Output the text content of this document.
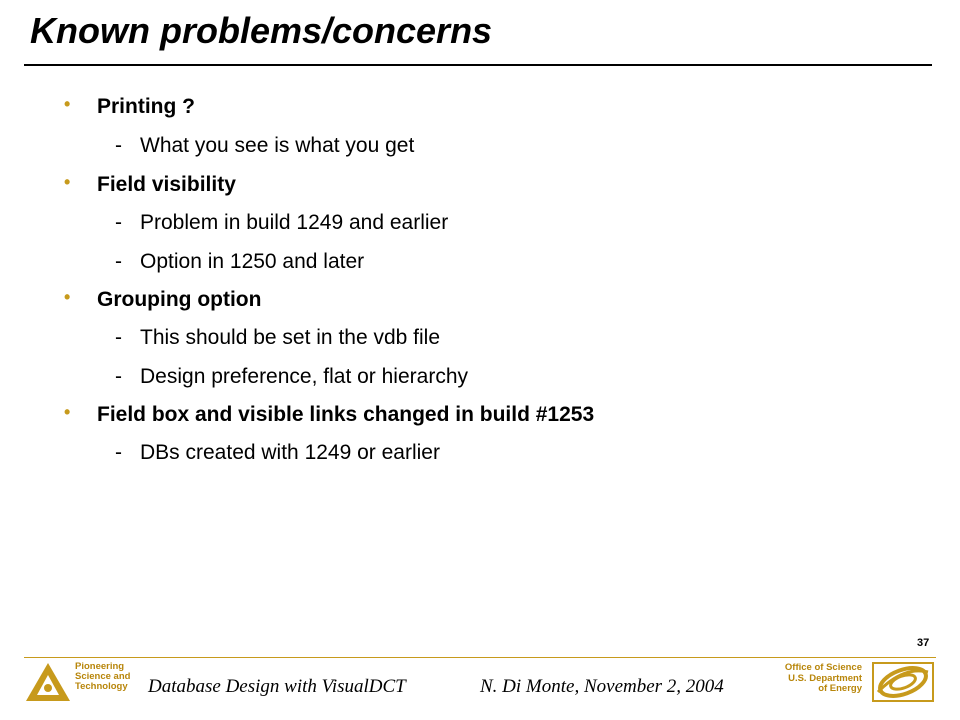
Known problems/concerns
• Printing ?
- What you see is what you get
• Field visibility
- Problem in build 1249 and earlier
- Option in 1250 and later
• Grouping option
- This should be set in the vdb file
- Design preference, flat or hierarchy
• Field box and visible links changed in build #1253
- DBs created with 1249 or earlier
37
Pioneering
Science and
Technology Database Design with VisualDCT	N. Di Monte, November 2, 2004
Office of Science
U.S. Department
of Energy
